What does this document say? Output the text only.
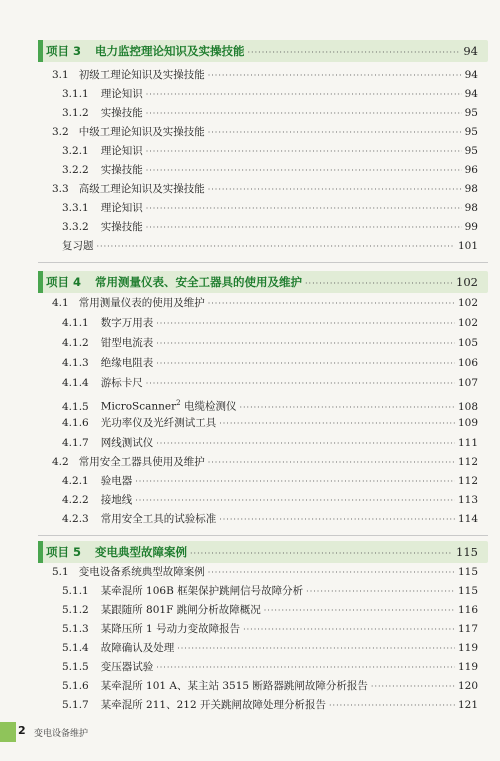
项目 3 电力监控理论知识及实操技能 ·····	94
3.1 初级工理论知识及实操技能 ·····	94
3.1.1 理论知识 ·····	94
3.1.2 实操技能 ·····	95
3.2 中级工理论知识及实操技能 ·····	95
3.2.1 理论知识 ·····	95
3.2.2 实操技能 ·····	96
3.3 高级工理论知识及实操技能 ·····	98
3.3.1 理论知识 ·····	98
3.3.2 实操技能 ·····	99
复习题 ·····	101
项目 4 常用测量仪表、安全工器具的使用及维护 ·····	102
4.1 常用测量仪表的使用及维护 ·····	102
4.1.1 数字万用表 ·····	102
4.1.2 钳型电流表 ·····	105
4.1.3 绝缘电阻表 ·····	106
4.1.4 游标卡尺 ·····	107
4.1.5 MicroScanner$^2$ 电缆检测仪 ·····	108
4.1.6 光功率仪及光纤测试工具 ·····	109
4.1.7 网线测试仪 ·····	111
4.2 常用安全工器具使用及维护 ·····	112
4.2.1 验电器 ·····	112
4.2.2 接地线 ·····	113
4.2.3 常用安全工具的试验标准 ·····	114
项目 5 变电典型故障案例 ·····	115
5.1 变电设备系统典型故障案例 ·····	115
5.1.1 某牵混所 106B 框架保护跳闸信号故障分析 ·····	115
5.1.2 某跟随所 801F 跳闸分析故障概况 ·····	116
5.1.3 某降压所 1 号动力变故障报告 ·····	117
5.1.4 故障确认及处理 ·····	119
5.1.5 变压器试验 ·····	119
5.1.6 某牵混所 101 A、某主站 3515 断路器跳闸故障分析报告 ·····	120
5.1.7 某牵混所 211、212 开关跳闸故障处理分析报告 ·····	121
2 变电设备维护
